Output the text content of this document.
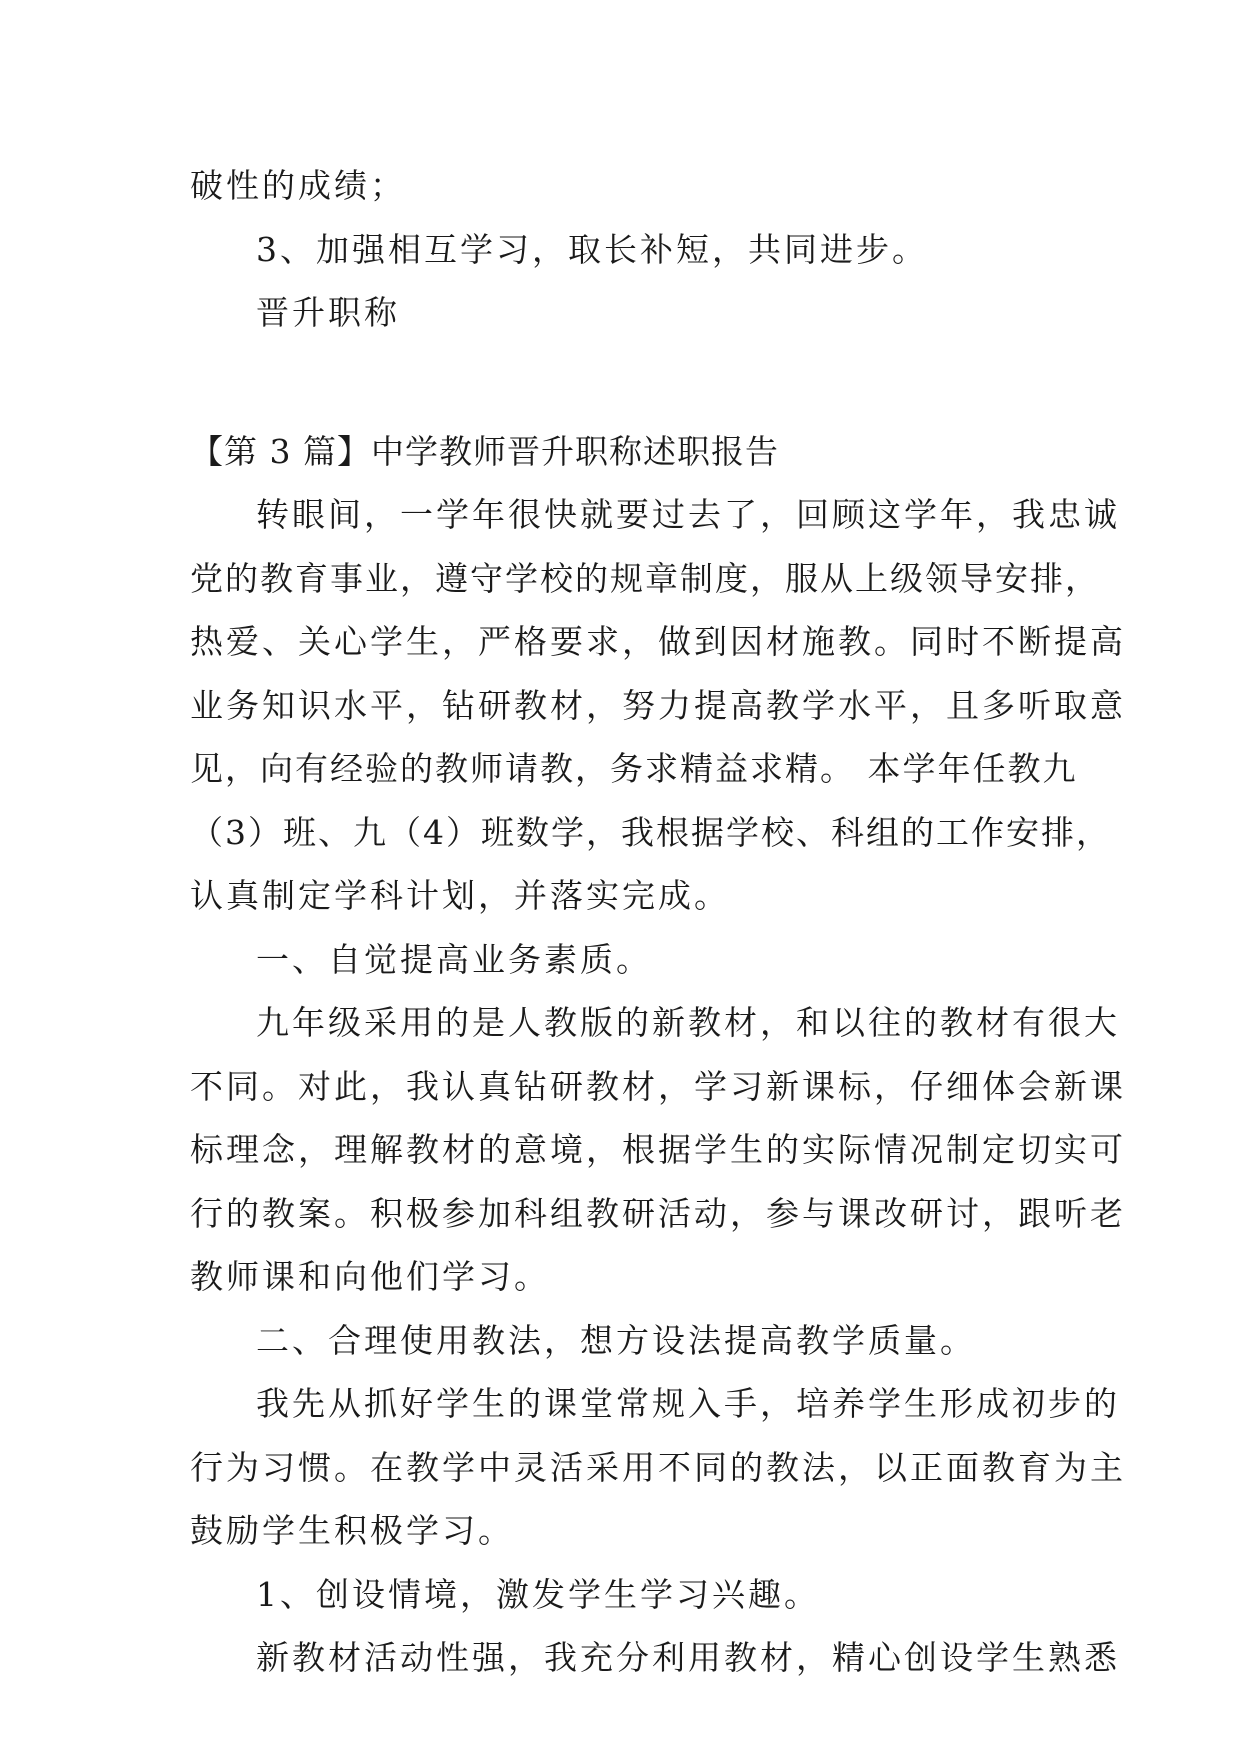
破性的成绩；
3、加强相互学习，取长补短，共同进步。
晋升职称
【第 3 篇】中学教师晋升职称述职报告
转眼间，一学年很快就要过去了，回顾这学年，我忠诚
党的教育事业，遵守学校的规章制度，服从上级领导安排，
热爱、关心学生，严格要求，做到因材施教。同时不断提高
业务知识水平，钻研教材，努力提高教学水平，且多听取意
见，向有经验的教师请教，务求精益求精。 本学年任教九
（3）班、九（4）班数学，我根据学校、科组的工作安排，
认真制定学科计划，并落实完成。
一、自觉提高业务素质。
九年级采用的是人教版的新教材，和以往的教材有很大
不同。对此，我认真钻研教材，学习新课标，仔细体会新课
标理念，理解教材的意境，根据学生的实际情况制定切实可
行的教案。积极参加科组教研活动，参与课改研讨，跟听老
教师课和向他们学习。
二、合理使用教法，想方设法提高教学质量。
我先从抓好学生的课堂常规入手，培养学生形成初步的
行为习惯。在教学中灵活采用不同的教法，以正面教育为主
鼓励学生积极学习。
1、创设情境，激发学生学习兴趣。
新教材活动性强，我充分利用教材，精心创设学生熟悉
